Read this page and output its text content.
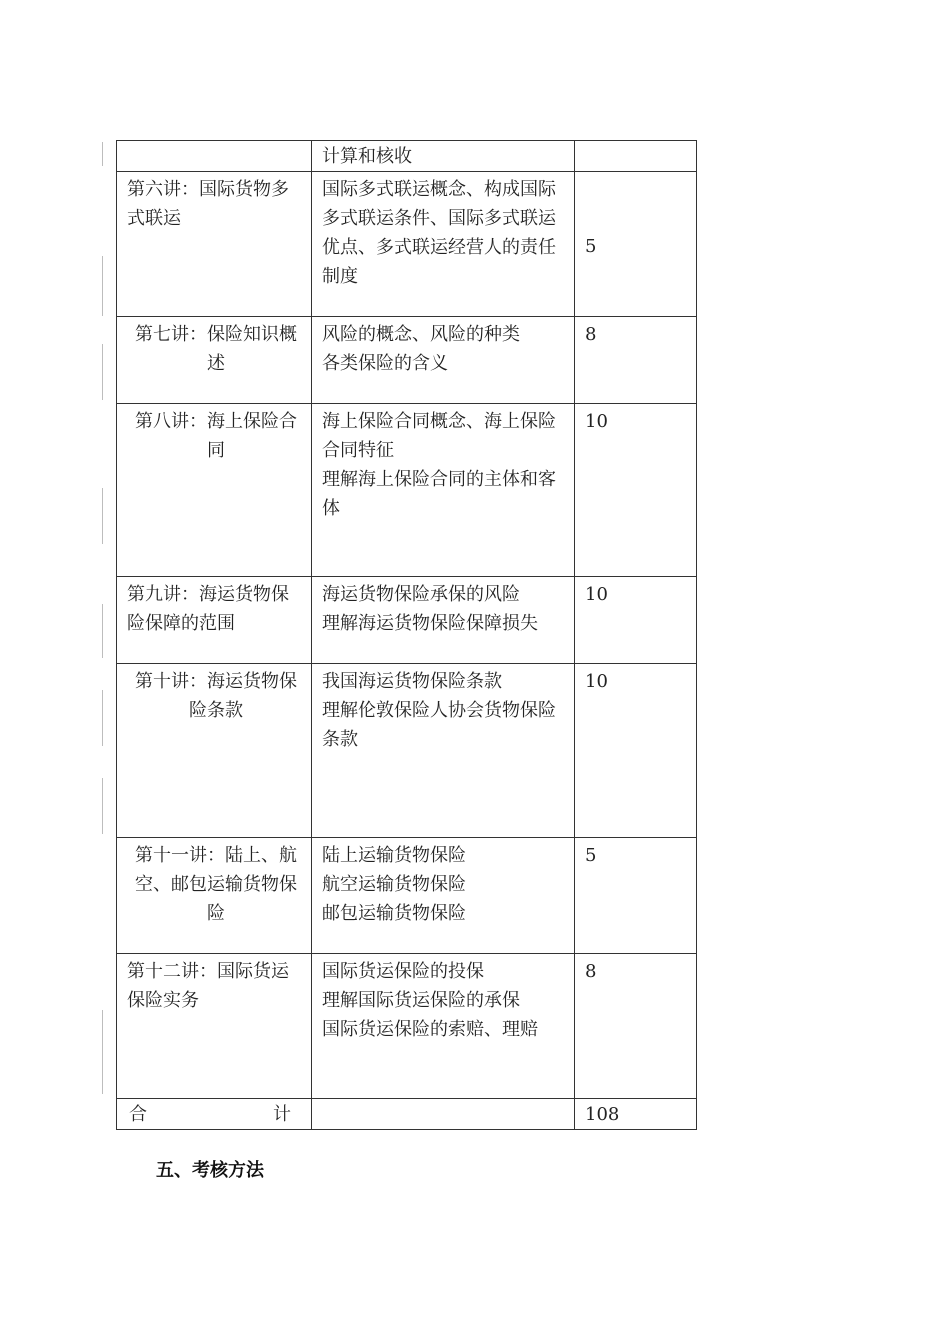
	计算和核收	

第六讲：国际货物多
式联运	国际多式联运概念、构成国际
多式联运条件、国际多式联运
优点、多式联运经营人的责任
制度	5

第七讲：保险知识概
述	风险的概念、风险的种类
各类保险的含义	8

第八讲：海上保险合
同	海上保险合同概念、海上保险
合同特征
理解海上保险合同的主体和客
体	10

第九讲：海运货物保
险保障的范围	海运货物保险承保的风险
理解海运货物保险保障损失	10

第十讲：海运货物保
险条款	我国海运货物保险条款
理解伦敦保险人协会货物保险
条款	10

第十一讲：陆上、航
空、邮包运输货物保
险	陆上运输货物保险
航空运输货物保险
邮包运输货物保险	5

第十二讲：国际货运
保险实务	国际货运保险的投保
理解国际货运保险的承保
国际货运保险的索赔、理赔	8

合 计		108
五、考核方法
